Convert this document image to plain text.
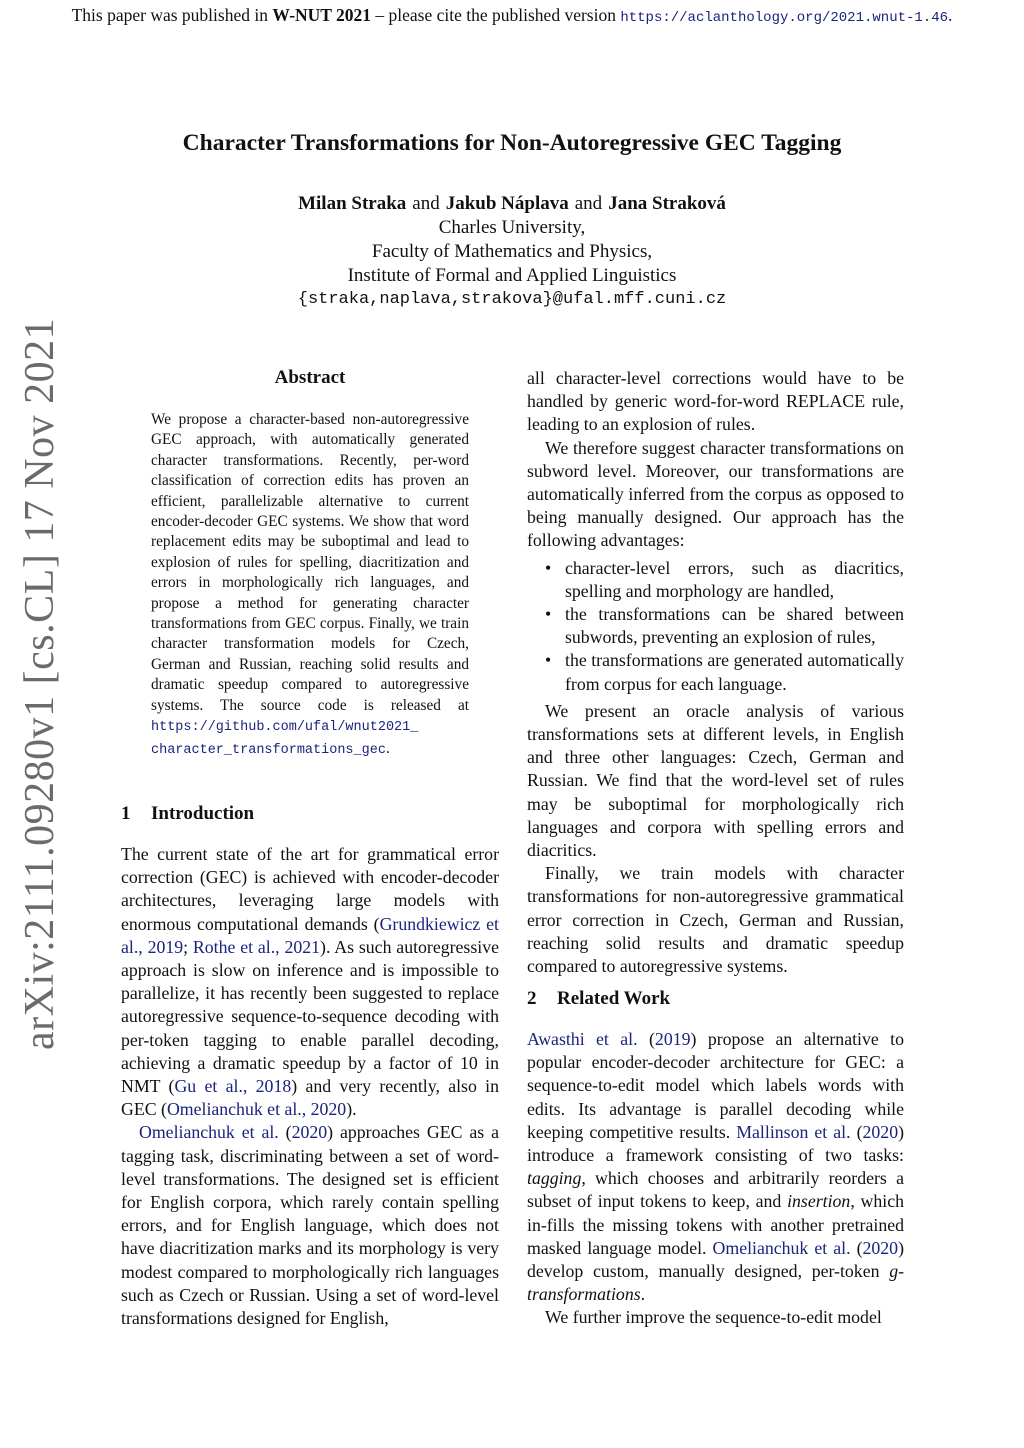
This paper was published in W-NUT 2021 – please cite the published version https://aclanthology.org/2021.wnut-1.46.
arXiv:2111.09280v1 [cs.CL] 17 Nov 2021
Character Transformations for Non-Autoregressive GEC Tagging
Milan Straka and Jakub Náplava and Jana Straková
Charles University,
Faculty of Mathematics and Physics,
Institute of Formal and Applied Linguistics
{straka,naplava,strakova}@ufal.mff.cuni.cz
Abstract
We propose a character-based non-autoregressive GEC approach, with automatically generated character transformations. Recently, per-word classification of correction edits has proven an efficient, parallelizable alternative to current encoder-decoder GEC systems. We show that word replacement edits may be suboptimal and lead to explosion of rules for spelling, diacritization and errors in morphologically rich languages, and propose a method for generating character transformations from GEC corpus. Finally, we train character transformation models for Czech, German and Russian, reaching solid results and dramatic speedup compared to autoregressive systems. The source code is released at https://github.com/ufal/wnut2021_
character_transformations_gec.
1 Introduction

The current state of the art for grammatical error correction (GEC) is achieved with encoder-decoder architectures, leveraging large models with enormous computational demands (Grundkiewicz et al., 2019; Rothe et al., 2021). As such autoregressive approach is slow on inference and is impossible to parallelize, it has recently been suggested to replace autoregressive sequence-to-sequence decoding with per-token tagging to enable parallel decoding, achieving a dramatic speedup by a factor of 10 in NMT (Gu et al., 2018) and very recently, also in GEC (Omelianchuk et al., 2020).

Omelianchuk et al. (2020) approaches GEC as a tagging task, discriminating between a set of word-level transformations. The designed set is efficient for English corpora, which rarely contain spelling errors, and for English language, which does not have diacritization marks and its morphology is very modest compared to morphologically rich languages such as Czech or Russian. Using a set of word-level transformations designed for English,

all character-level corrections would have to be handled by generic word-for-word REPLACE rule, leading to an explosion of rules.

We therefore suggest character transformations on subword level. Moreover, our transformations are automatically inferred from the corpus as opposed to being manually designed. Our approach has the following advantages:

• character-level errors, such as diacritics, spelling and morphology are handled,
• the transformations can be shared between subwords, preventing an explosion of rules,
• the transformations are generated automatically from corpus for each language.

We present an oracle analysis of various transformations sets at different levels, in English and three other languages: Czech, German and Russian. We find that the word-level set of rules may be suboptimal for morphologically rich languages and corpora with spelling errors and diacritics.

Finally, we train models with character transformations for non-autoregressive grammatical error correction in Czech, German and Russian, reaching solid results and dramatic speedup compared to autoregressive systems.

2 Related Work

Awasthi et al. (2019) propose an alternative to popular encoder-decoder architecture for GEC: a sequence-to-edit model which labels words with edits. Its advantage is parallel decoding while keeping competitive results. Mallinson et al. (2020) introduce a framework consisting of two tasks: tagging, which chooses and arbitrarily reorders a subset of input tokens to keep, and insertion, which in-fills the missing tokens with another pretrained masked language model. Omelianchuk et al. (2020) develop custom, manually designed, per-token g-transformations.

We further improve the sequence-to-edit model
